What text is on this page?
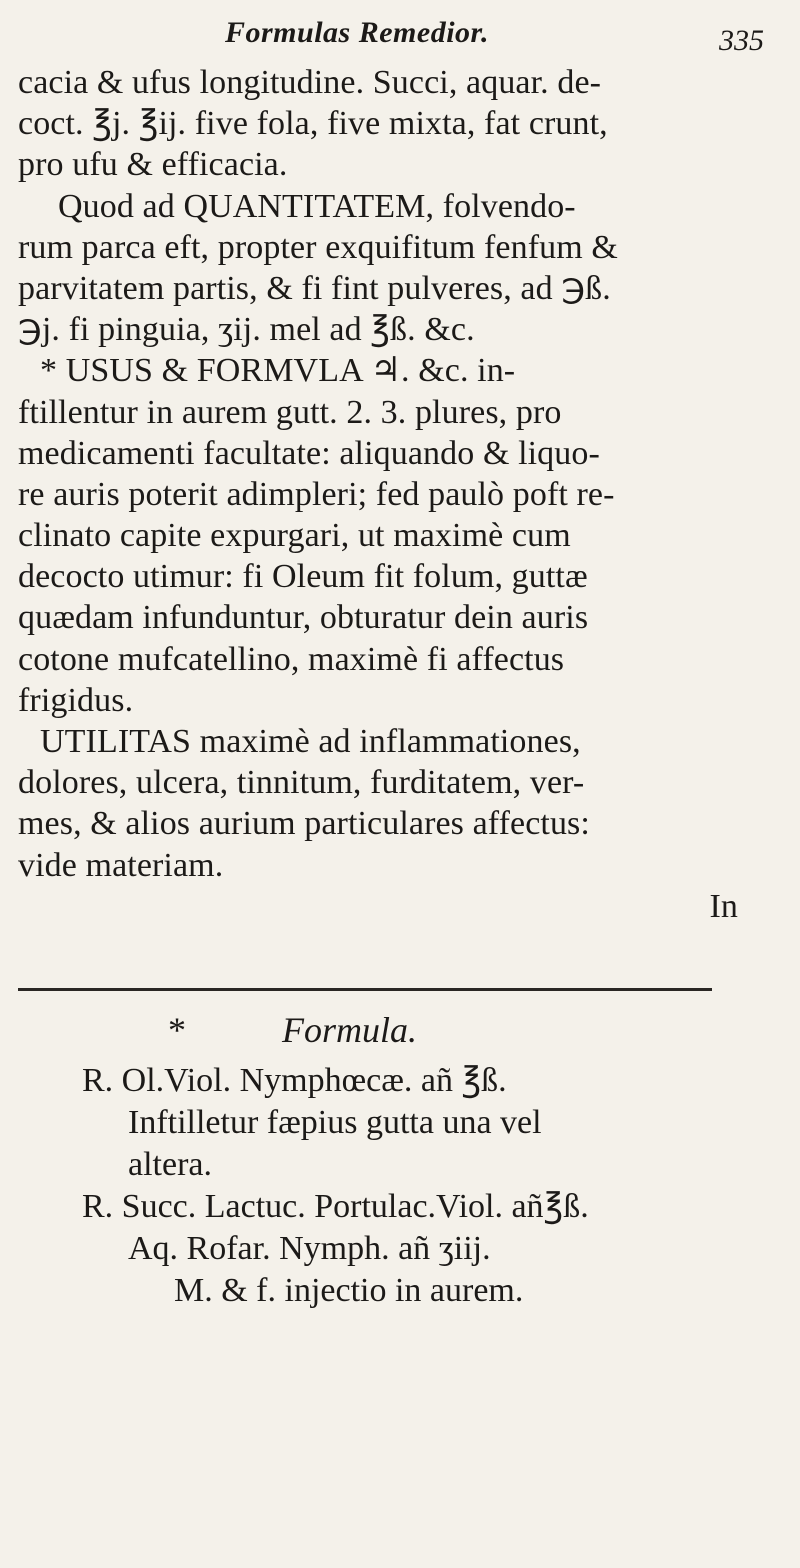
Formulas Remedior.	335
cacia & ufus longitudine. Succi, aquar. de-
coct. ℥j. ℥ij. five fola, five mixta, fat crunt,
pro ufu & efficacia.
Quod ad QUANTITATEM, folvendo-
rum parca eft, propter exquifitum fenfum &
parvitatem partis, & fi fint pulveres, ad ℈ß.
℈j. fi pinguia, ʒij. mel ad ℥ß. &c.
* USUS & FORMVLA ♃. &c. in-
ftillentur in aurem gutt. 2. 3. plures, pro
medicamenti facultate: aliquando & liquo-
re auris poterit adimpleri; fed paulò poft re-
clinato capite expurgari, ut maximè cum
decocto utimur: fi Oleum fit folum, guttæ
quædam infunduntur, obturatur dein auris
cotone mufcatellino, maximè fi affectus
frigidus.
UTILITAS maximè ad inflammationes,
dolores, ulcera, tinnitum, furditatem, ver-
mes, & alios aurium particulares affectus:
vide materiam.
In
*	Formula.
R. Ol.Viol. Nymphœcæ. añ ℥ß.
Inftilletur fæpius gutta una vel
altera.
R. Succ. Lactuc. Portulac.Viol. añ℥ß.
Aq. Rofar. Nymph. añ ʒiij.
M. & f. injectio in aurem.
